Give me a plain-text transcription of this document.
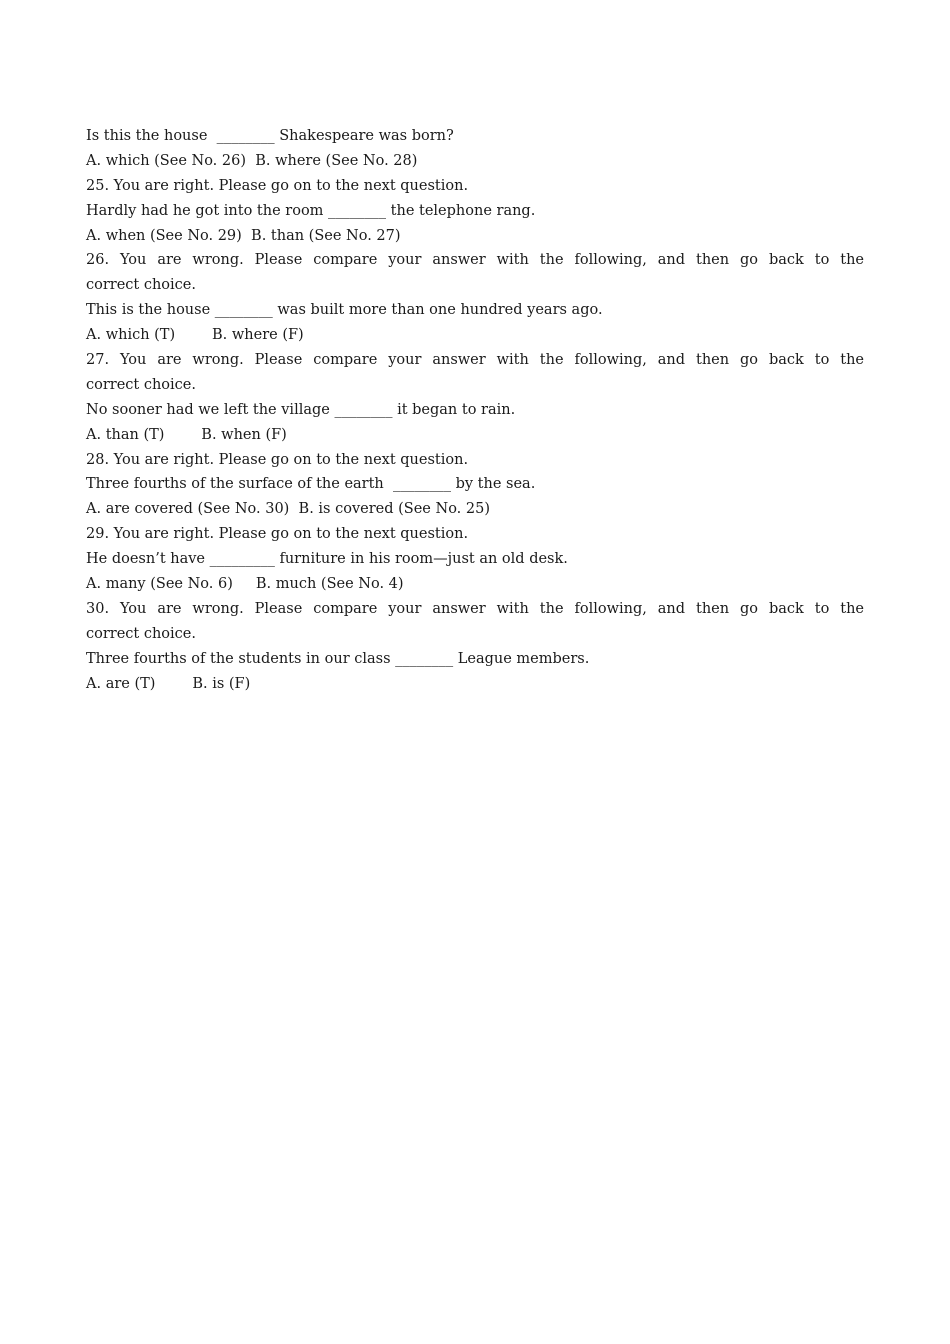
Is this the house  ________ Shakespeare was born?
A. which (See No. 26)  B. where (See No. 28)
25. You are right. Please go on to the next question.
Hardly had he got into the room ________ the telephone rang.
A. when (See No. 29)  B. than (See No. 27)
26. You are wrong. Please compare your answer with the following, and then go back to the
correct choice.
This is the house ________ was built more than one hundred years ago.
A. which (T)        B. where (F)
27. You are wrong. Please compare your answer with the following, and then go back to the
correct choice.
No sooner had we left the village ________ it began to rain.
A. than (T)        B. when (F)
28. You are right. Please go on to the next question.
Three fourths of the surface of the earth  ________ by the sea.
A. are covered (See No. 30)  B. is covered (See No. 25)
29. You are right. Please go on to the next question.
He doesn’t have _________ furniture in his room—just an old desk.
A. many (See No. 6)     B. much (See No. 4)
30. You are wrong. Please compare your answer with the following, and then go back to the
correct choice.
Three fourths of the students in our class ________ League members.
A. are (T)        B. is (F)
